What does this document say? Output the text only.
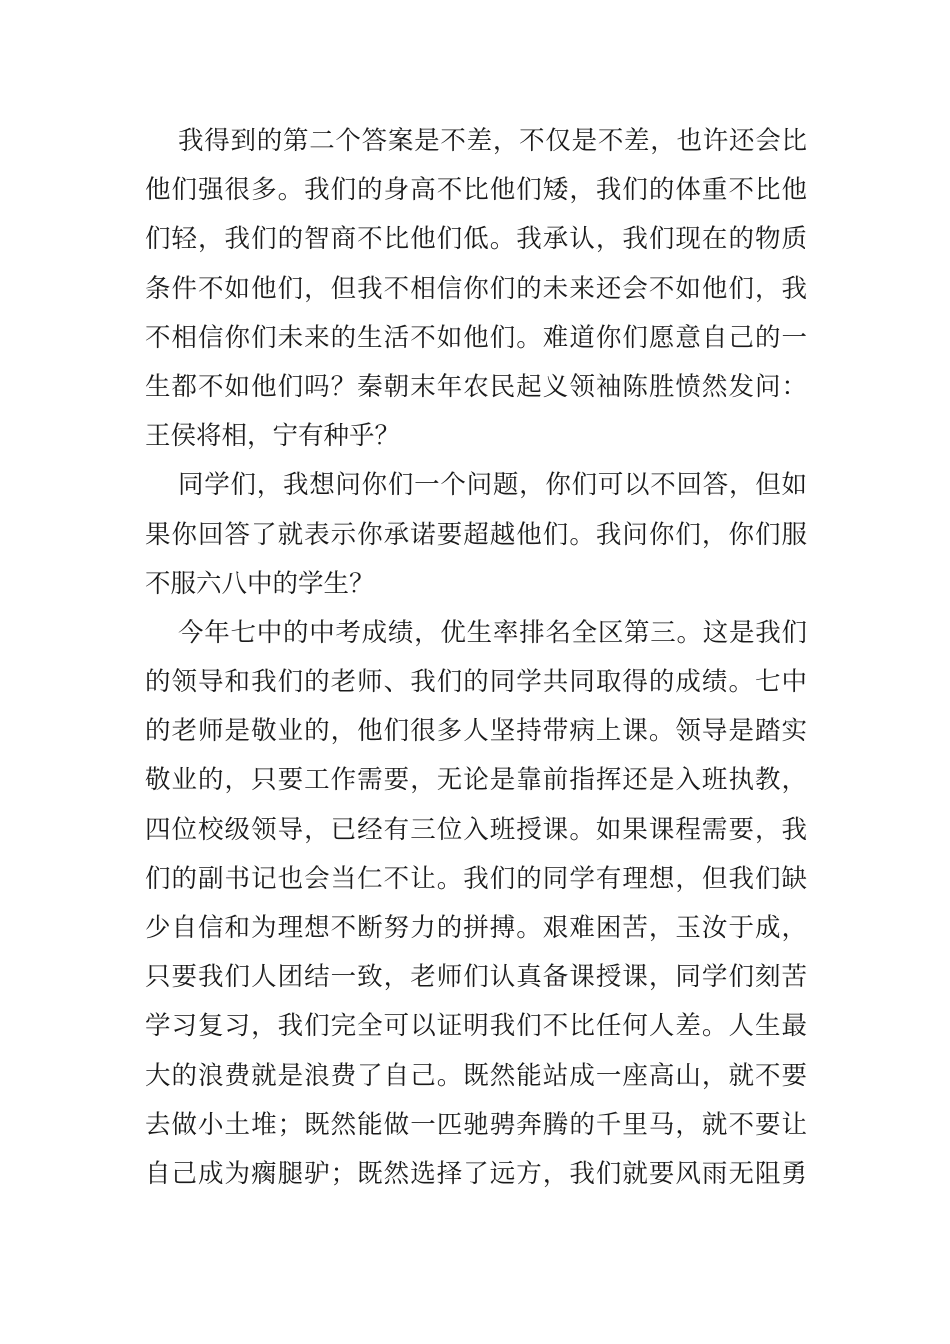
我得到的第二个答案是不差，不仅是不差，也许还会比
他们强很多。我们的身高不比他们矮，我们的体重不比他
们轻，我们的智商不比他们低。我承认，我们现在的物质
条件不如他们，但我不相信你们的未来还会不如他们，我
不相信你们未来的生活不如他们。难道你们愿意自己的一
生都不如他们吗？秦朝末年农民起义领袖陈胜愤然发问：
王侯将相，宁有种乎？
同学们，我想问你们一个问题，你们可以不回答，但如
果你回答了就表示你承诺要超越他们。我问你们，你们服
不服六八中的学生？
今年七中的中考成绩，优生率排名全区第三。这是我们
的领导和我们的老师、我们的同学共同取得的成绩。七中
的老师是敬业的，他们很多人坚持带病上课。领导是踏实
敬业的，只要工作需要，无论是靠前指挥还是入班执教，
四位校级领导，已经有三位入班授课。如果课程需要，我
们的副书记也会当仁不让。我们的同学有理想，但我们缺
少自信和为理想不断努力的拼搏。艰难困苦，玉汝于成，
只要我们人团结一致，老师们认真备课授课，同学们刻苦
学习复习，我们完全可以证明我们不比任何人差。人生最
大的浪费就是浪费了自己。既然能站成一座高山，就不要
去做小土堆；既然能做一匹驰骋奔腾的千里马，就不要让
自己成为瘸腿驴；既然选择了远方，我们就要风雨无阻勇
